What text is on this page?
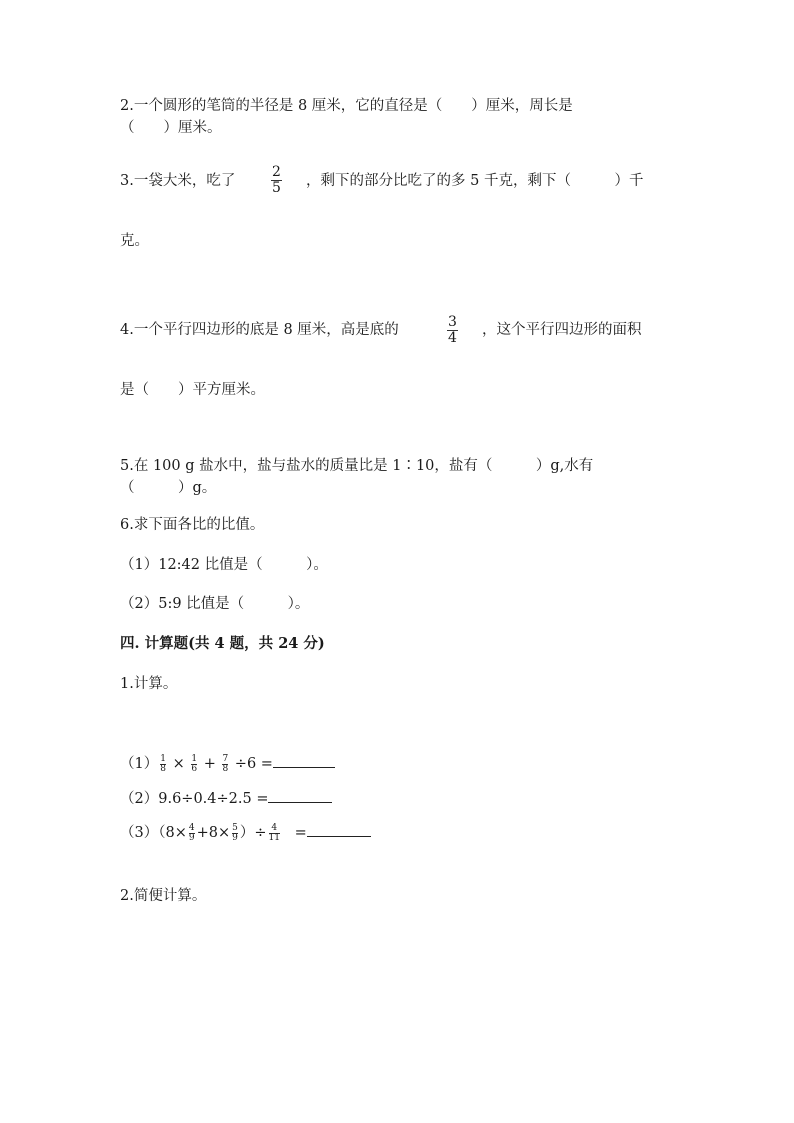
2.一个圆形的笔筒的半径是 8 厘米，它的直径是（　　）厘米，周长是
（　　）厘米。
3.一袋大米，吃了
2
5 ，剩下的部分比吃了的多 5 千克，剩下（　　　）千
克。
4.一个平行四边形的底是 8 厘米，高是底的	3
4 ，这个平行四边形的面积
是（　　）平方厘米。
5.在 100 g 盐水中，盐与盐水的质量比是 1∶10，盐有（　　　）g,水有
（　　　）g。
6.求下面各比的比值。
（1）12:42 比值是（　　　）。
（2）5:9 比值是（　　　）。
四. 计算题(共 4 题，共 24 分)
1.计算。
$(1) \frac{1}{8} \times \frac{1}{6} + \frac{7}{8} \div 6$ =
（2）9.6÷0.4÷2.5 =
$(3)(8\times \frac{4}{9} +8\times \frac{5}{9}$ ）÷ $\frac{4}{11}$ =
2.简便计算。
